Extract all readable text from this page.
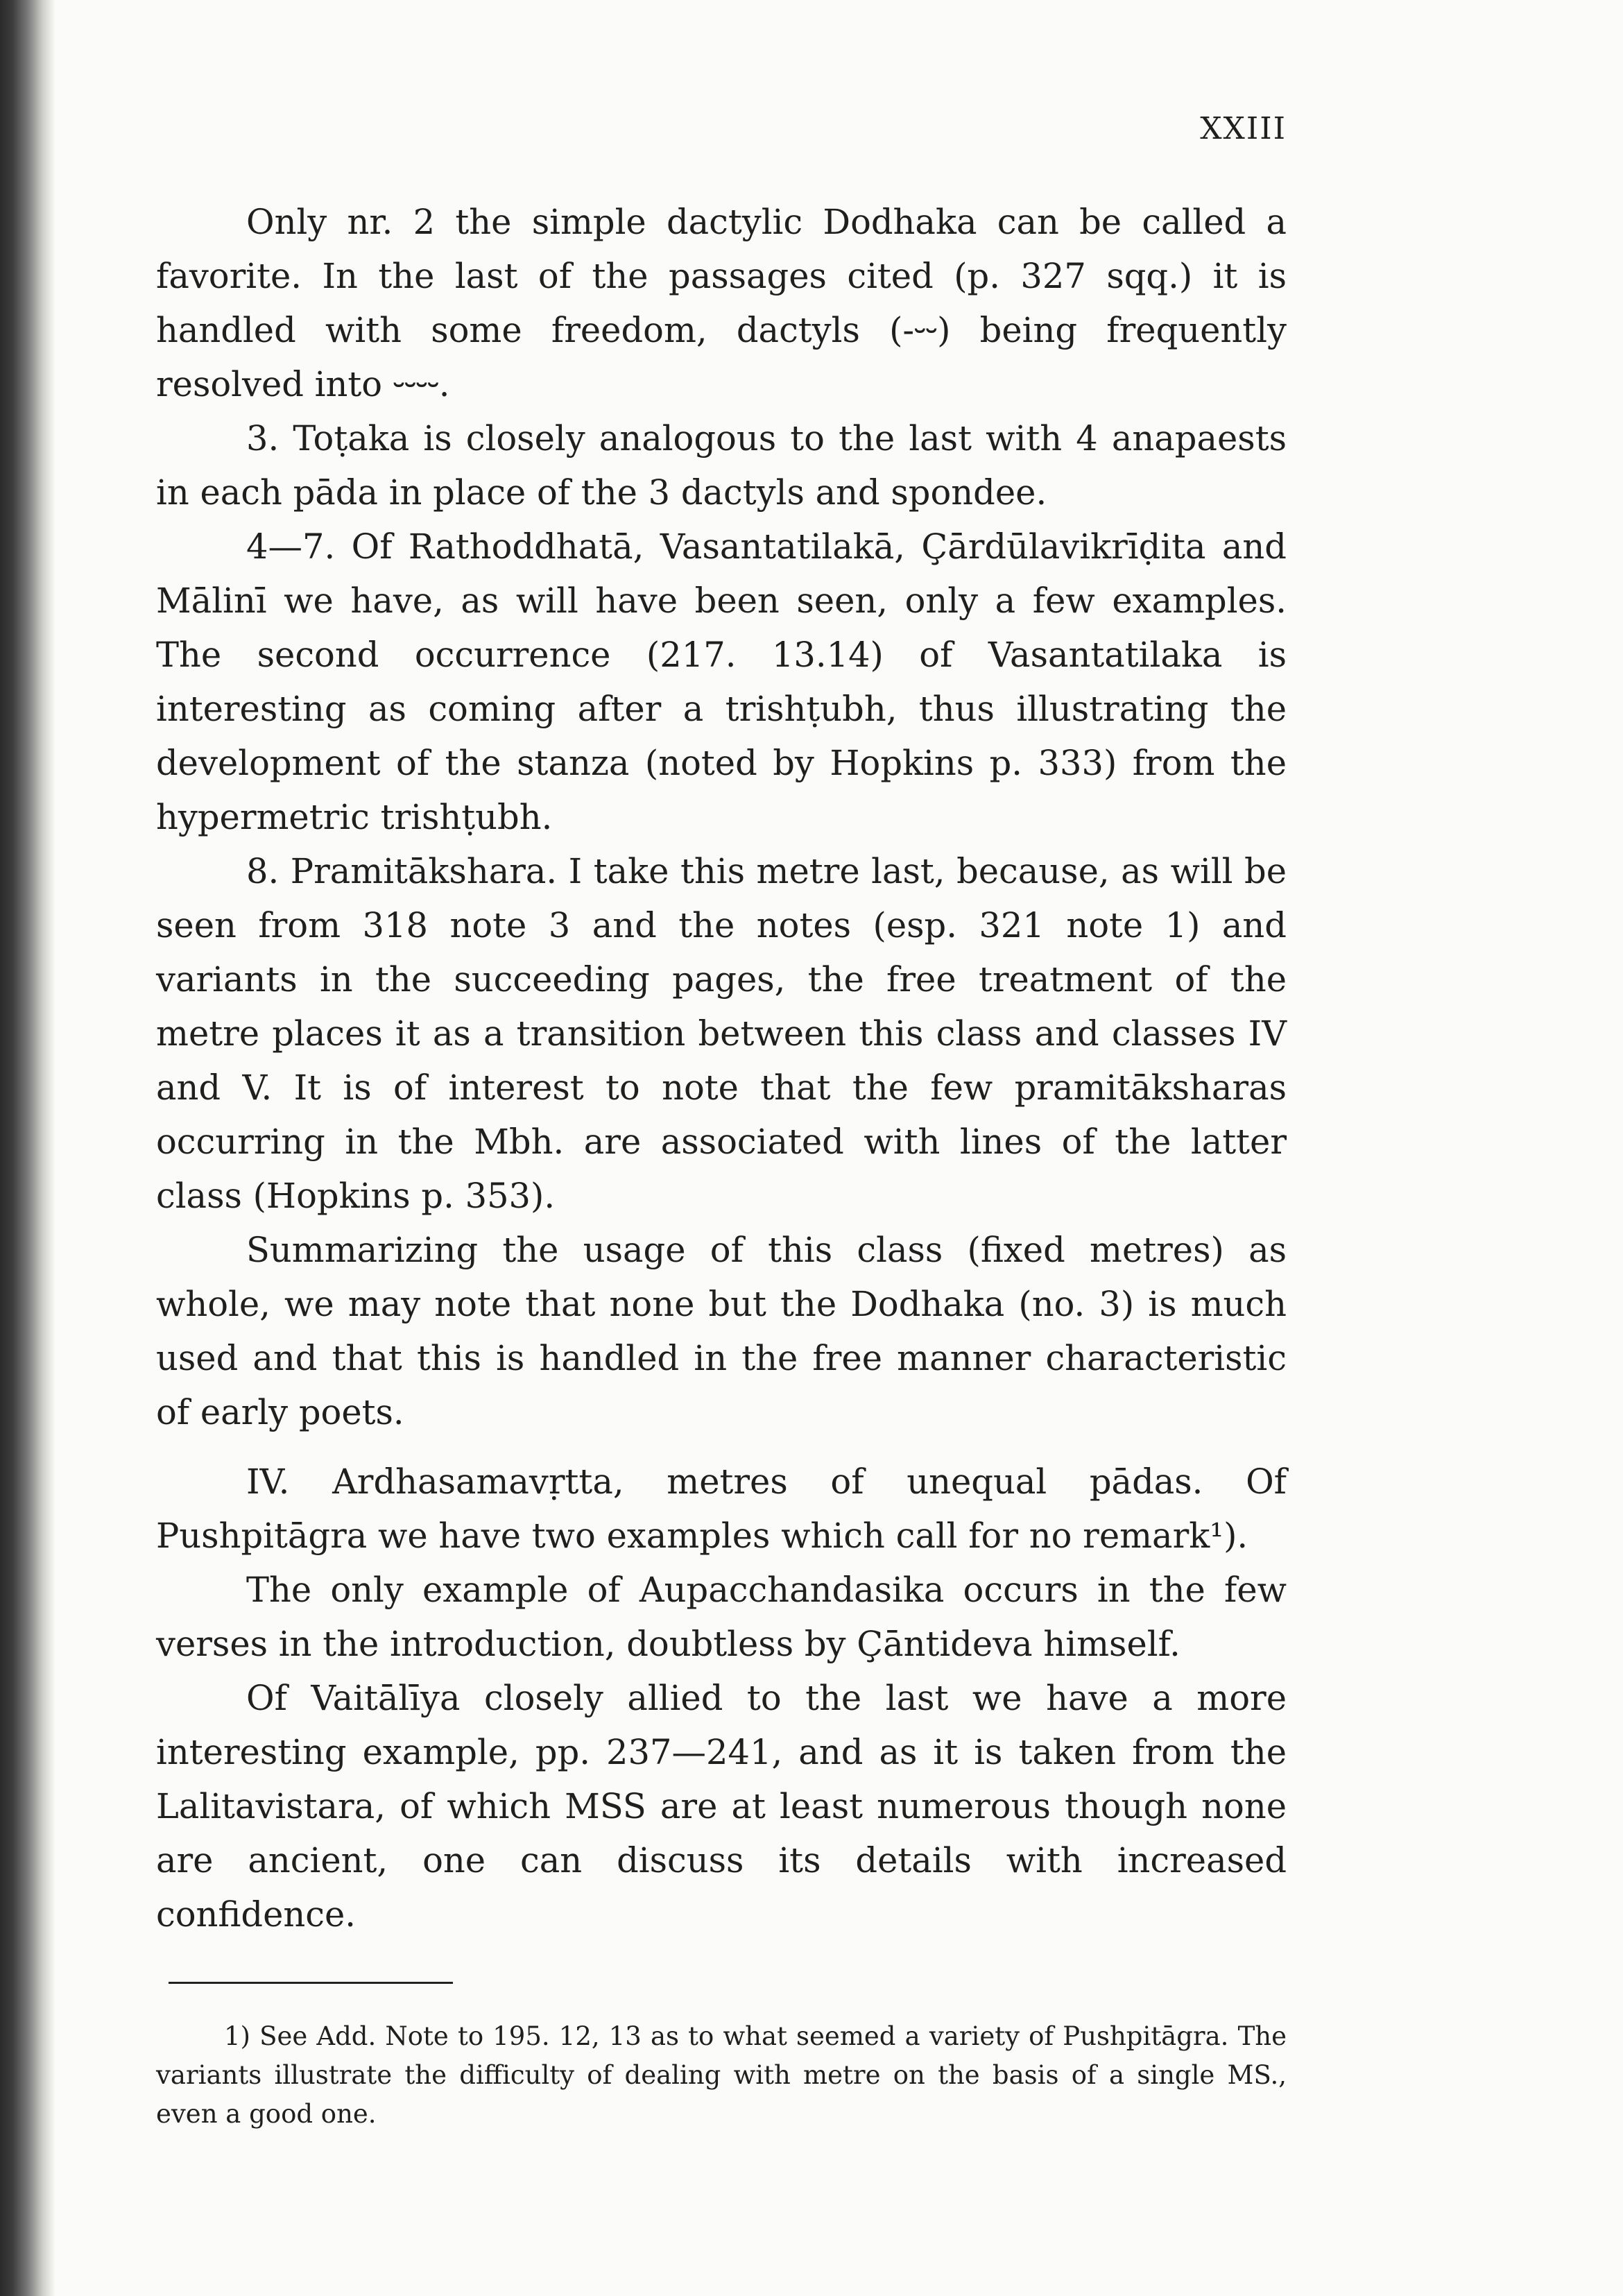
XXIII

Only nr. 2 the simple dactylic Dodhaka can be called a favorite. In the last of the passages cited (p. 327 sqq.) it is handled with some freedom, dactyls (-⏑⏑) being frequently resolved into ⏑⏑⏑⏑.

3. Toṭaka is closely analogous to the last with 4 anapaests in each pāda in place of the 3 dactyls and spondee.

4—7. Of Rathoddhatā, Vasantatilakā, Çārdūlavikrīḍita and Mālinī we have, as will have been seen, only a few examples. The second occurrence (217. 13.14) of Vasantatilaka is interesting as coming after a trishṭubh, thus illustrating the development of the stanza (noted by Hopkins p. 333) from the hypermetric trishṭubh.

8. Pramitākshara. I take this metre last, because, as will be seen from 318 note 3 and the notes (esp. 321 note 1) and variants in the succeeding pages, the free treatment of the metre places it as a transition between this class and classes IV and V. It is of interest to note that the few pramitāksharas occurring in the Mbh. are associated with lines of the latter class (Hopkins p. 353).

Summarizing the usage of this class (fixed metres) as whole, we may note that none but the Dodhaka (no. 3) is much used and that this is handled in the free manner characteristic of early poets.

IV. Ardhasamavṛtta, metres of unequal pādas. Of Pushpitāgra we have two examples which call for no remark¹).

The only example of Aupacchandasika occurs in the few verses in the introduction, doubtless by Çāntideva himself.

Of Vaitālīya closely allied to the last we have a more interesting example, pp. 237—241, and as it is taken from the Lalitavistara, of which MSS are at least numerous though none are ancient, one can discuss its details with increased confidence.

1) See Add. Note to 195. 12, 13 as to what seemed a variety of Pushpitāgra. The variants illustrate the difficulty of dealing with metre on the basis of a single MS., even a good one.
